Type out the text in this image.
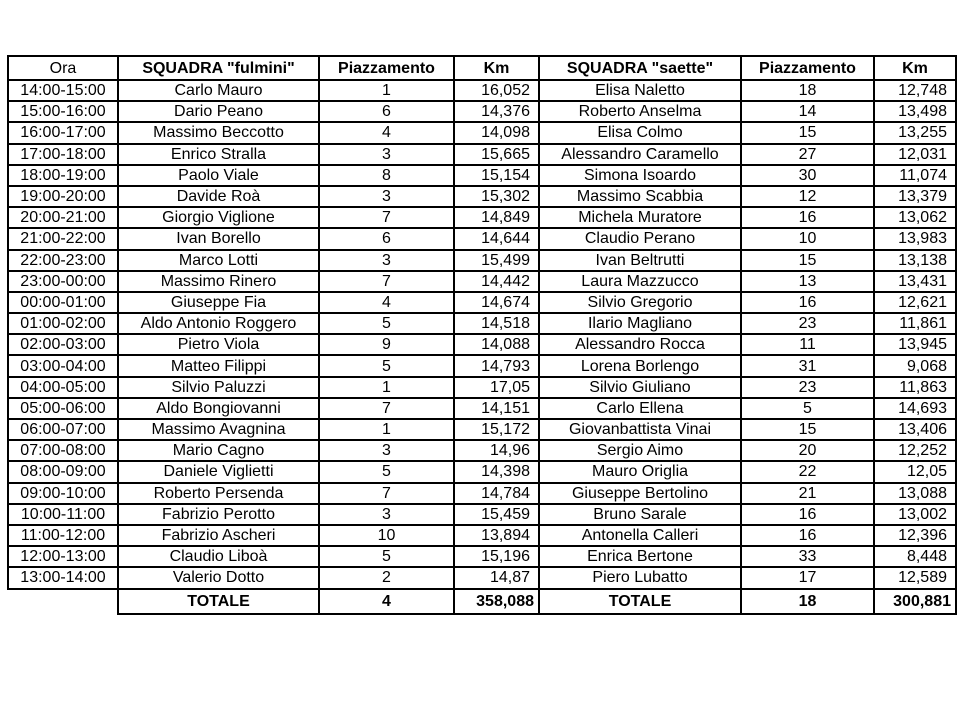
Ora	SQUADRA "fulmini"	Piazzamento	Km	SQUADRA "saette"	Piazzamento	Km
14:00-15:00	Carlo Mauro	1	16,052	Elisa Naletto	18	12,748
15:00-16:00	Dario Peano	6	14,376	Roberto Anselma	14	13,498
16:00-17:00	Massimo Beccotto	4	14,098	Elisa Colmo	15	13,255
17:00-18:00	Enrico Stralla	3	15,665	Alessandro Caramello	27	12,031
18:00-19:00	Paolo Viale	8	15,154	Simona Isoardo	30	11,074
19:00-20:00	Davide Roà	3	15,302	Massimo Scabbia	12	13,379
20:00-21:00	Giorgio Viglione	7	14,849	Michela Muratore	16	13,062
21:00-22:00	Ivan Borello	6	14,644	Claudio Perano	10	13,983
22:00-23:00	Marco Lotti	3	15,499	Ivan Beltrutti	15	13,138
23:00-00:00	Massimo Rinero	7	14,442	Laura Mazzucco	13	13,431
00:00-01:00	Giuseppe Fia	4	14,674	Silvio Gregorio	16	12,621
01:00-02:00	Aldo Antonio Roggero	5	14,518	Ilario Magliano	23	11,861
02:00-03:00	Pietro Viola	9	14,088	Alessandro Rocca	11	13,945
03:00-04:00	Matteo Filippi	5	14,793	Lorena Borlengo	31	9,068
04:00-05:00	Silvio Paluzzi	1	17,05	Silvio Giuliano	23	11,863
05:00-06:00	Aldo Bongiovanni	7	14,151	Carlo Ellena	5	14,693
06:00-07:00	Massimo Avagnina	1	15,172	Giovanbattista Vinai	15	13,406
07:00-08:00	Mario Cagno	3	14,96	Sergio Aimo	20	12,252
08:00-09:00	Daniele Viglietti	5	14,398	Mauro Origlia	22	12,05
09:00-10:00	Roberto Persenda	7	14,784	Giuseppe Bertolino	21	13,088
10:00-11:00	Fabrizio Perotto	3	15,459	Bruno Sarale	16	13,002
11:00-12:00	Fabrizio Ascheri	10	13,894	Antonella Calleri	16	12,396
12:00-13:00	Claudio Liboà	5	15,196	Enrica Bertone	33	8,448
13:00-14:00	Valerio Dotto	2	14,87	Piero Lubatto	17	12,589
	TOTALE	4	358,088	TOTALE	18	300,881
